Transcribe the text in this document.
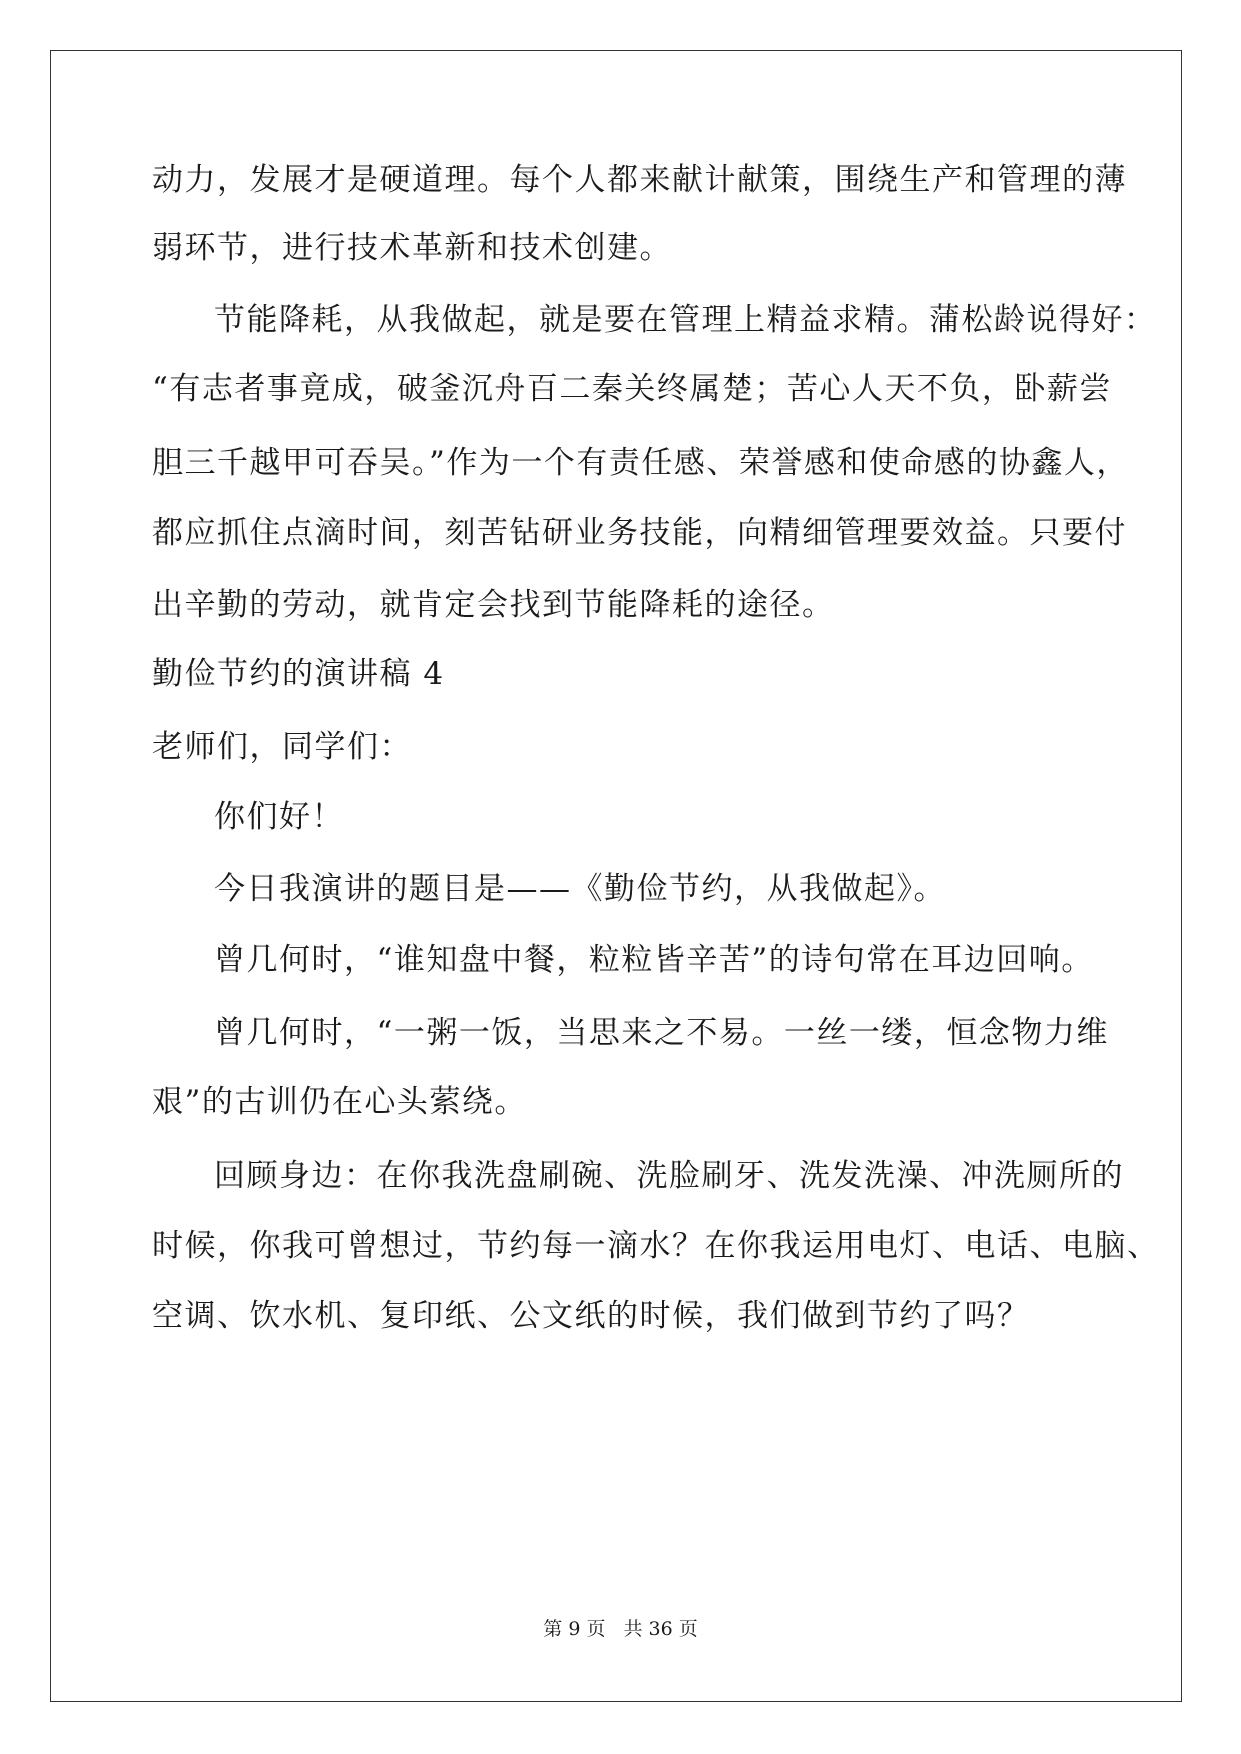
动力，发展才是硬道理。每个人都来献计献策，围绕生产和管理的薄
弱环节，进行技术革新和技术创建。
节能降耗，从我做起，就是要在管理上精益求精。蒲松龄说得好：
“有志者事竟成，破釜沉舟百二秦关终属楚；苦心人天不负，卧薪尝
胆三千越甲可吞吴。”作为一个有责任感、荣誉感和使命感的协鑫人，
都应抓住点滴时间，刻苦钻研业务技能，向精细管理要效益。只要付
出辛勤的劳动，就肯定会找到节能降耗的途径。
勤俭节约的演讲稿 4
老师们，同学们：
你们好！
今日我演讲的题目是——《勤俭节约，从我做起》。
曾几何时，“谁知盘中餐，粒粒皆辛苦”的诗句常在耳边回响。
曾几何时，“一粥一饭，当思来之不易。一丝一缕，恒念物力维
艰”的古训仍在心头萦绕。
回顾身边：在你我洗盘刷碗、洗脸刷牙、洗发洗澡、冲洗厕所的
时候，你我可曾想过，节约每一滴水？在你我运用电灯、电话、电脑、
空调、饮水机、复印纸、公文纸的时候，我们做到节约了吗？
第 9 页 共 36 页
